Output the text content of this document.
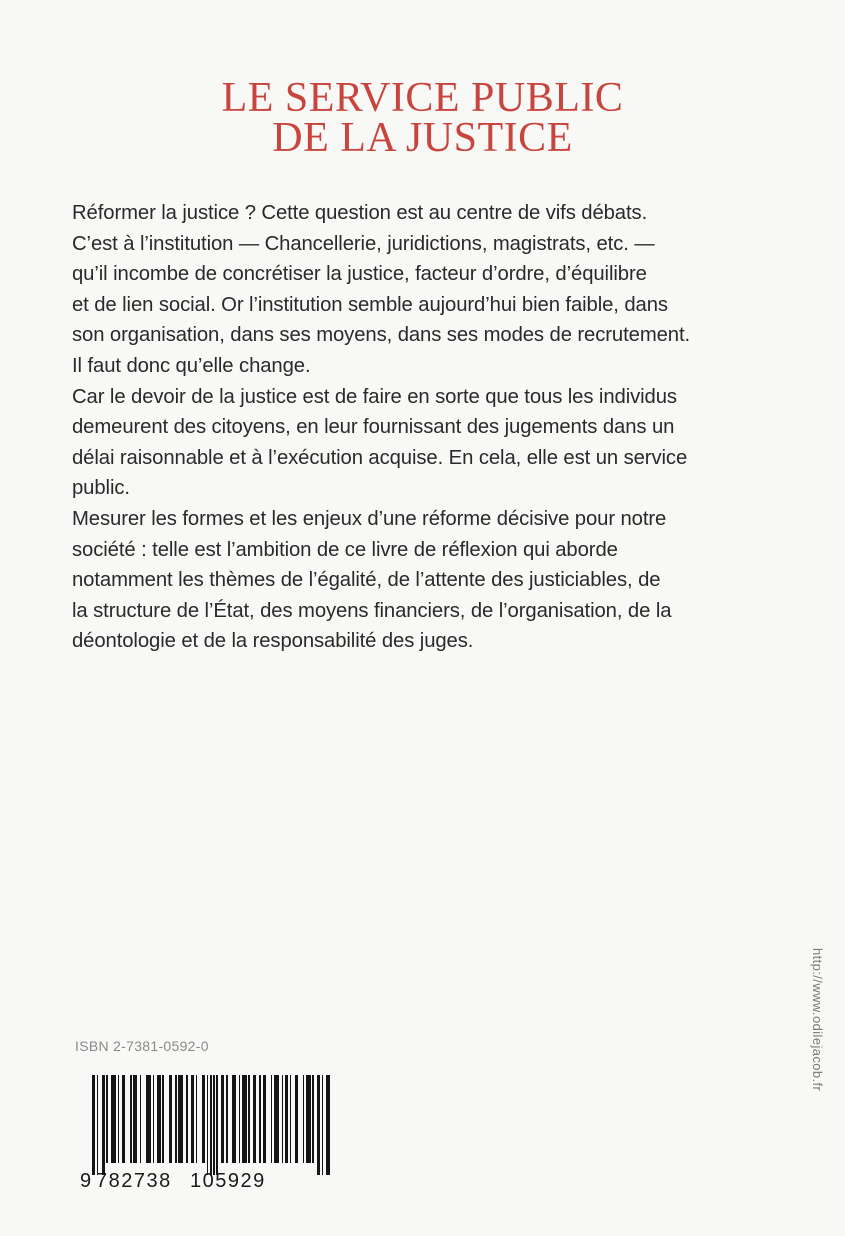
LE SERVICE PUBLIC
DE LA JUSTICE
Réformer la justice ? Cette question est au centre de vifs débats.
C’est à l’institution — Chancellerie, juridictions, magistrats, etc. —
qu’il incombe de concrétiser la justice, facteur d’ordre, d’équilibre
et de lien social. Or l’institution semble aujourd’hui bien faible, dans
son organisation, dans ses moyens, dans ses modes de recrutement.
Il faut donc qu’elle change.
Car le devoir de la justice est de faire en sorte que tous les individus
demeurent des citoyens, en leur fournissant des jugements dans un
délai raisonnable et à l’exécution acquise. En cela, elle est un service
public.
Mesurer les formes et les enjeux d’une réforme décisive pour notre
société : telle est l’ambition de ce livre de réflexion qui aborde
notamment les thèmes de l’égalité, de l’attente des justiciables, de
la structure de l’État, des moyens financiers, de l’organisation, de la
déontologie et de la responsabilité des juges.
ISBN 2-7381-0592-0
9 782738 105929
http://www.odilejacob.fr
